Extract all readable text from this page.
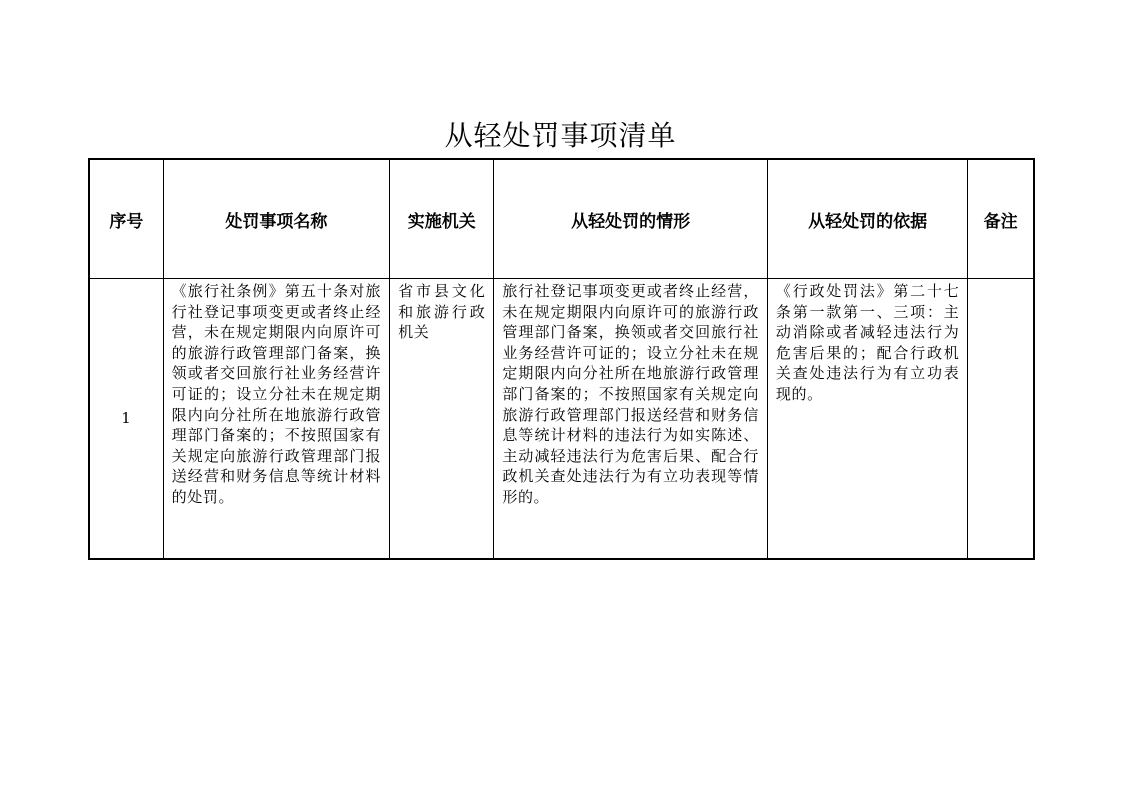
从轻处罚事项清单
序号	处罚事项名称	实施机关	从轻处罚的情形	从轻处罚的依据	备注
1	《旅行社条例》第五十条对旅行社登记事项变更或者终止经营，未在规定期限内向原许可的旅游行政管理部门备案，换领或者交回旅行社业务经营许可证的；设立分社未在规定期限内向分社所在地旅游行政管理部门备案的；不按照国家有关规定向旅游行政管理部门报送经营和财务信息等统计材料的处罚。	省市县文化和旅游行政机关	旅行社登记事项变更或者终止经营，未在规定期限内向原许可的旅游行政管理部门备案，换领或者交回旅行社业务经营许可证的；设立分社未在规定期限内向分社所在地旅游行政管理部门备案的；不按照国家有关规定向旅游行政管理部门报送经营和财务信息等统计材料的违法行为如实陈述、主动减轻违法行为危害后果、配合行政机关查处违法行为有立功表现等情形的。	《行政处罚法》第二十七条第一款第一、三项：主动消除或者减轻违法行为危害后果的；配合行政机关查处违法行为有立功表现的。	
